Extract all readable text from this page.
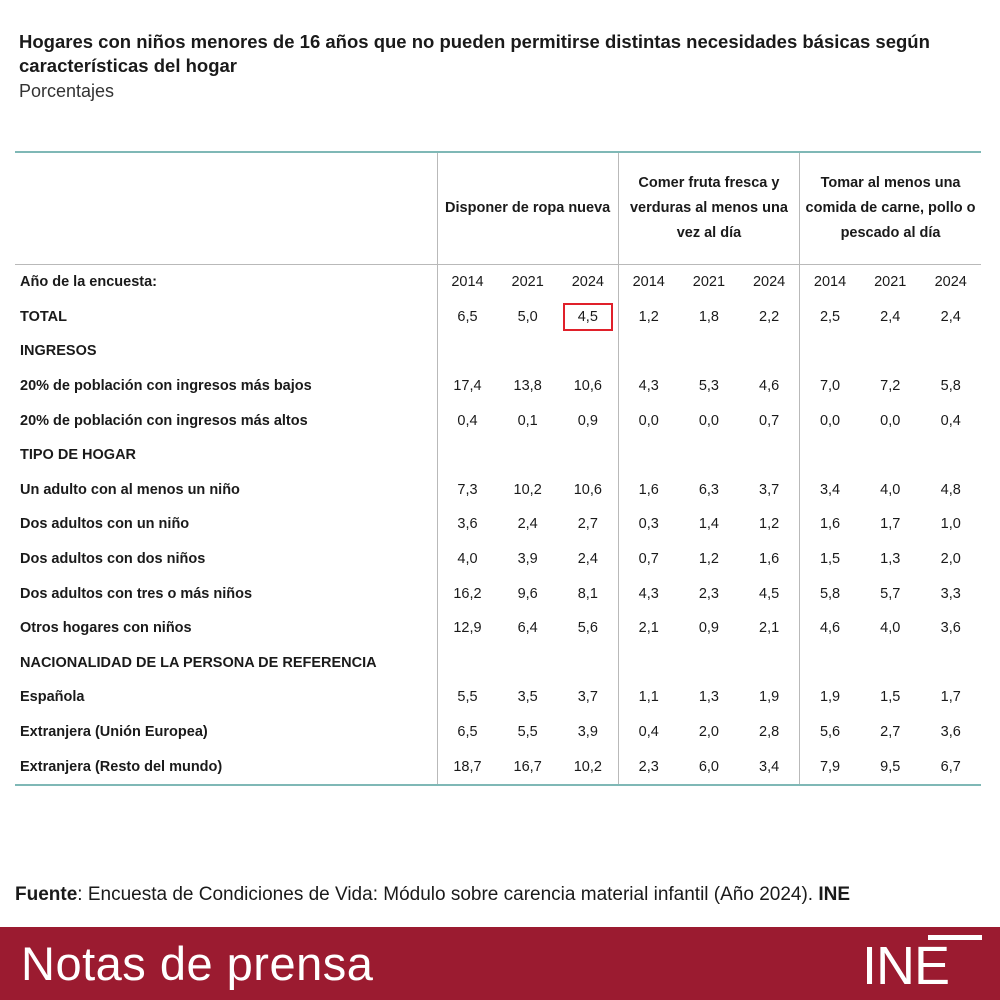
Hogares con niños menores de 16 años que no pueden permitirse distintas necesidades básicas según características del hogar

Porcentajes

	Disponer de ropa nueva			Comer fruta fresca y verduras al menos una vez al día			Tomar al menos una comida de carne, pollo o pescado al día		
Año de la encuesta:	2014	2021	2024	2014	2021	2024	2014	2021	2024
TOTAL	6,5	5,0	4,5	1,2	1,8	2,2	2,5	2,4	2,4
INGRESOS									
20% de población con ingresos más bajos	17,4	13,8	10,6	4,3	5,3	4,6	7,0	7,2	5,8
20% de población con ingresos más altos	0,4	0,1	0,9	0,0	0,0	0,7	0,0	0,0	0,4
TIPO DE HOGAR									
Un adulto con al menos un niño	7,3	10,2	10,6	1,6	6,3	3,7	3,4	4,0	4,8
Dos adultos con un niño	3,6	2,4	2,7	0,3	1,4	1,2	1,6	1,7	1,0
Dos adultos con dos niños	4,0	3,9	2,4	0,7	1,2	1,6	1,5	1,3	2,0
Dos adultos con tres o más niños	16,2	9,6	8,1	4,3	2,3	4,5	5,8	5,7	3,3
Otros hogares con niños	12,9	6,4	5,6	2,1	0,9	2,1	4,6	4,0	3,6
NACIONALIDAD DE LA PERSONA DE REFERENCIA									
Española	5,5	3,5	3,7	1,1	1,3	1,9	1,9	1,5	1,7
Extranjera (Unión Europea)	6,5	5,5	3,9	0,4	2,0	2,8	5,6	2,7	3,6
Extranjera (Resto del mundo)	18,7	16,7	10,2	2,3	6,0	3,4	7,9	9,5	6,7
Fuente: Encuesta de Condiciones de Vida: Módulo sobre carencia material infantil (Año 2024). INE
Notas de prensa	INE
